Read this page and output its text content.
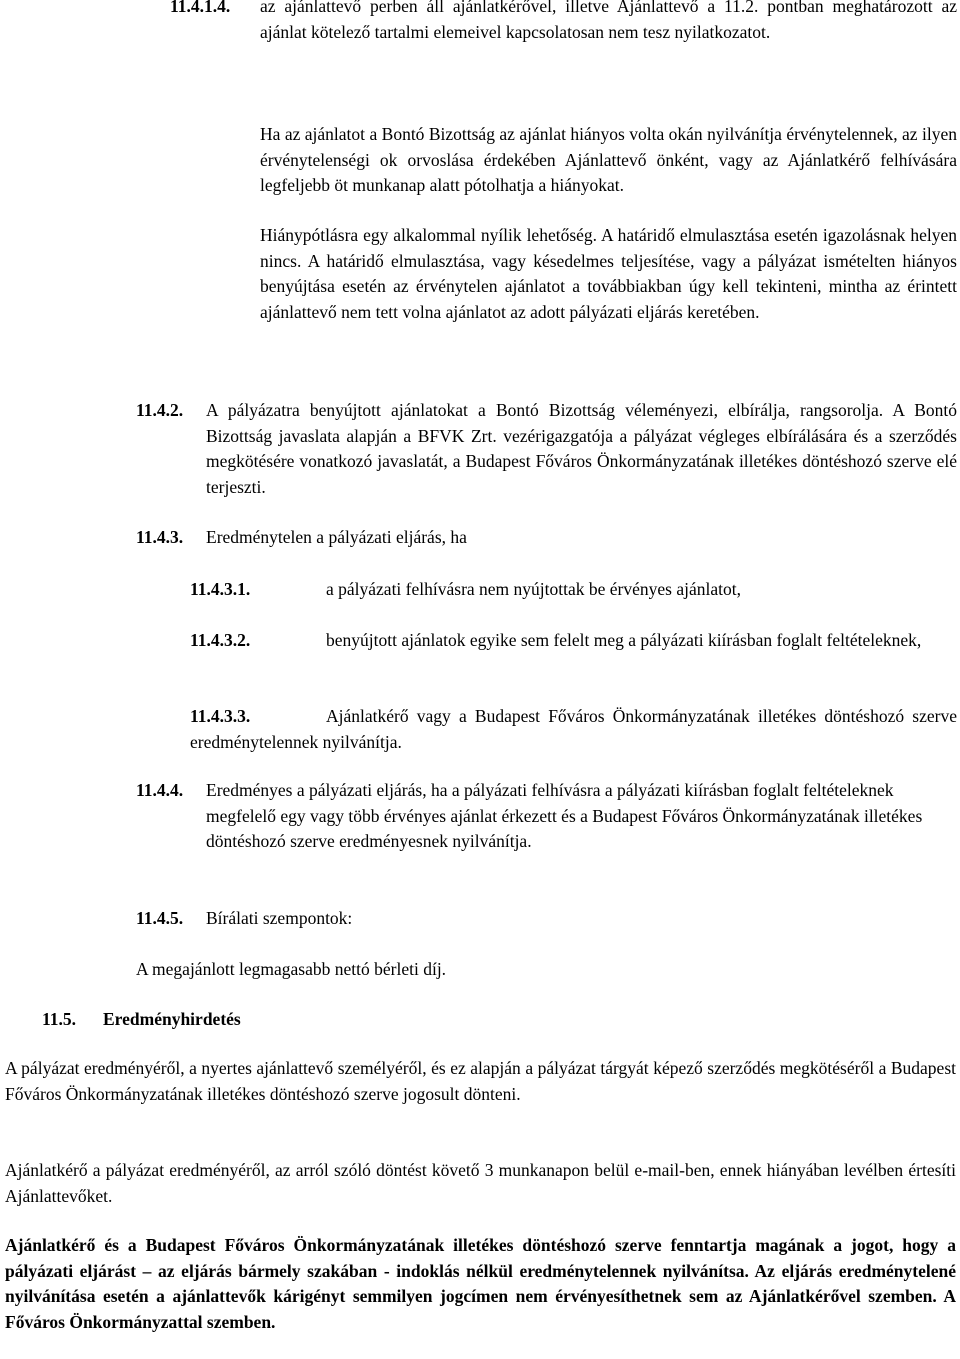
11.4.1.4. az ajánlattevő perben áll ajánlatkérővel, illetve Ajánlattevő a 11.2. pontban meghatározott az ajánlat kötelező tartalmi elemeivel kapcsolatosan nem tesz nyilatkozatot.

Ha az ajánlatot a Bontó Bizottság az ajánlat hiányos volta okán nyilvánítja érvénytelennek, az ilyen érvénytelenségi ok orvoslása érdekében Ajánlattevő önként, vagy az Ajánlatkérő felhívására legfeljebb öt munkanap alatt pótolhatja a hiányokat.

Hiánypótlásra egy alkalommal nyílik lehetőség. A határidő elmulasztása esetén igazolásnak helyen nincs. A határidő elmulasztása, vagy késedelmes teljesítése, vagy a pályázat ismételten hiányos benyújtása esetén az érvénytelen ajánlatot a továbbiakban úgy kell tekinteni, mintha az érintett ajánlattevő nem tett volna ajánlatot az adott pályázati eljárás keretében.

11.4.2. A pályázatra benyújtott ajánlatokat a Bontó Bizottság véleményezi, elbírálja, rangsorolja. A Bontó Bizottság javaslata alapján a BFVK Zrt. vezérigazgatója a pályázat végleges elbírálására és a szerződés megkötésére vonatkozó javaslatát, a Budapest Főváros Önkormányzatának illetékes döntéshozó szerve elé terjeszti.

11.4.3. Eredménytelen a pályázati eljárás, ha

11.4.3.1.	a pályázati felhívásra nem nyújtottak be érvényes ajánlatot,

11.4.3.2.	benyújtott ajánlatok egyike sem felelt meg a pályázati kiírásban foglalt feltételeknek,

11.4.3.3.	Ajánlatkérő vagy a Budapest Főváros Önkormányzatának illetékes döntéshozó szerve eredménytelennek nyilvánítja.

11.4.4. Eredményes a pályázati eljárás, ha a pályázati felhívásra a pályázati kiírásban foglalt feltételeknek megfelelő egy vagy több érvényes ajánlat érkezett és a Budapest Főváros Önkormányzatának illetékes döntéshozó szerve eredményesnek nyilvánítja.

11.4.5. Bírálati szempontok:

A megajánlott legmagasabb nettó bérleti díj.

11.5. Eredményhirdetés

A pályázat eredményéről, a nyertes ajánlattevő személyéről, és ez alapján a pályázat tárgyát képező szerződés megkötéséről a Budapest Főváros Önkormányzatának illetékes döntéshozó szerve jogosult dönteni.

Ajánlatkérő a pályázat eredményéről, az arról szóló döntést követő 3 munkanapon belül e-mail-ben, ennek hiányában levélben értesíti Ajánlattevőket.

Ajánlatkérő és a Budapest Főváros Önkormányzatának illetékes döntéshozó szerve fenntartja magának a jogot, hogy a pályázati eljárást – az eljárás bármely szakában - indoklás nélkül eredménytelennek nyilvánítsa. Az eljárás eredménytelené nyilvánítása esetén a ajánlattevők kárigényt semmilyen jogcímen nem érvényesíthetnek sem az Ajánlatkérővel szemben. A Főváros Önkormányzattal szemben.
